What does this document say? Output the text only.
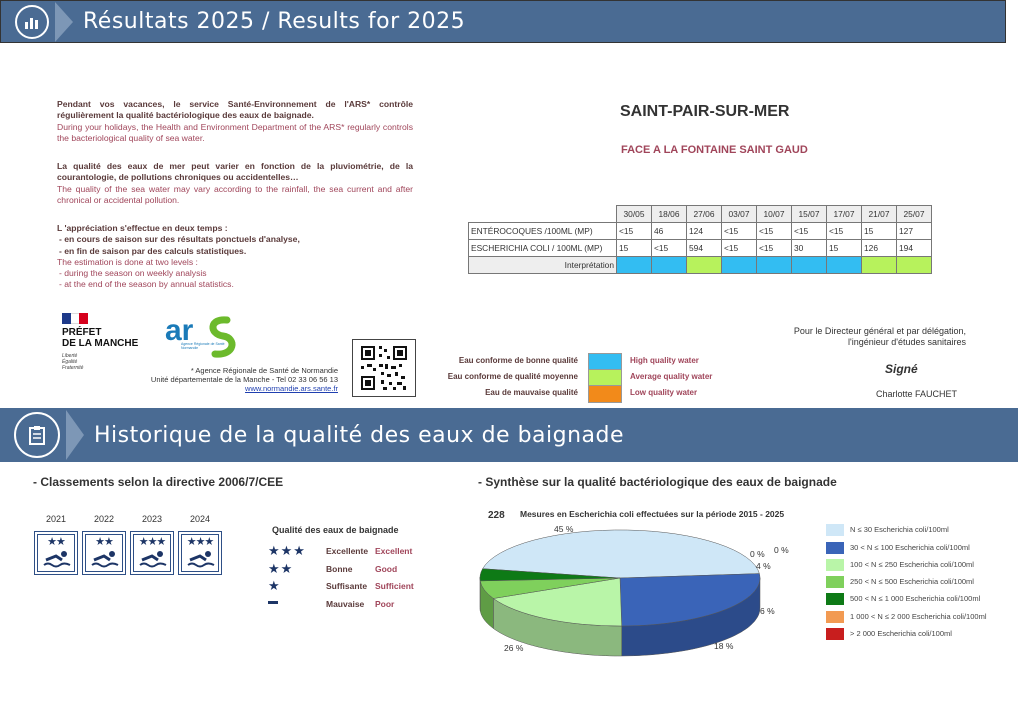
Résultats 2025 / Results for 2025
Pendant vos vacances, le service Santé-Environnement de l'ARS* contrôle régulièrement la qualité bactériologique des eaux de baignade.
During your holidays, the Health and Environment Department of the ARS* regularly controls the bacteriological quality of sea water.
La qualité des eaux de mer peut varier en fonction de la pluviométrie, de la courantologie, de pollutions chroniques ou accidentelles…
The quality of the sea water may vary according to the rainfall, the sea current and after chronical or accidental pollution.
L 'appréciation s'effectue en deux temps :
- en cours de saison sur des résultats ponctuels d'analyse,
- en fin de saison par des calculs statistiques.
The estimation is done at two levels :
- during the season on weekly analysis
- at the end of the season by annual statistics.
SAINT-PAIR-SUR-MER
FACE A LA FONTAINE SAINT GAUD
	30/05	18/06	27/06	03/07	10/07	15/07	17/07	21/07	25/07
ENTÉROCOQUES /100ML (MP)	<15	46	124	<15	<15	<15	<15	15	127
ESCHERICHIA COLI / 100ML (MP)	15	<15	594	<15	<15	30	15	126	194
Interprétation									
Eau conforme de bonne qualité	High quality water
Eau conforme de qualité moyenne	Average quality water
Eau de mauvaise qualité	Low quality water
Pour le Directeur général et par délégation,
l'ingénieur d'études sanitaires
Signé
Charlotte FAUCHET
PRÉFET
DE LA MANCHE
Liberté
Égalité
Fraternité
ar
Agence Régionale de Santé Normandie
* Agence Régionale de Santé de Normandie
Unité départementale de la Manche - Tel 02 33 06 56 13
www.normandie.ars.sante.fr
Historique de la qualité des eaux de baignade
- Classements selon la directive 2006/7/CEE	- Synthèse sur la qualité bactériologique des eaux de baignade
2021	2022	2023	2024
★★	★★	★★★	★★★
Qualité des eaux de baignade
★★★	Excellente Excellent
★★	Bonne	Good
★	Suffisante Sufficient
▬	Mauvaise Poor
228 Mesures en Escherichia coli effectuées sur la période 2015 - 2025
45 %
26 %	18 %
6 %
4 %
0 % 0 %
N ≤ 30 Escherichia coli/100ml
30 < N ≤ 100 Escherichia coli/100ml
100 < N ≤ 250 Escherichia coli/100ml
250 < N ≤ 500 Escherichia coli/100ml
500 < N ≤ 1 000 Escherichia coli/100ml
1 000 < N ≤ 2 000 Escherichia coli/100ml
> 2 000 Escherichia coli/100ml
